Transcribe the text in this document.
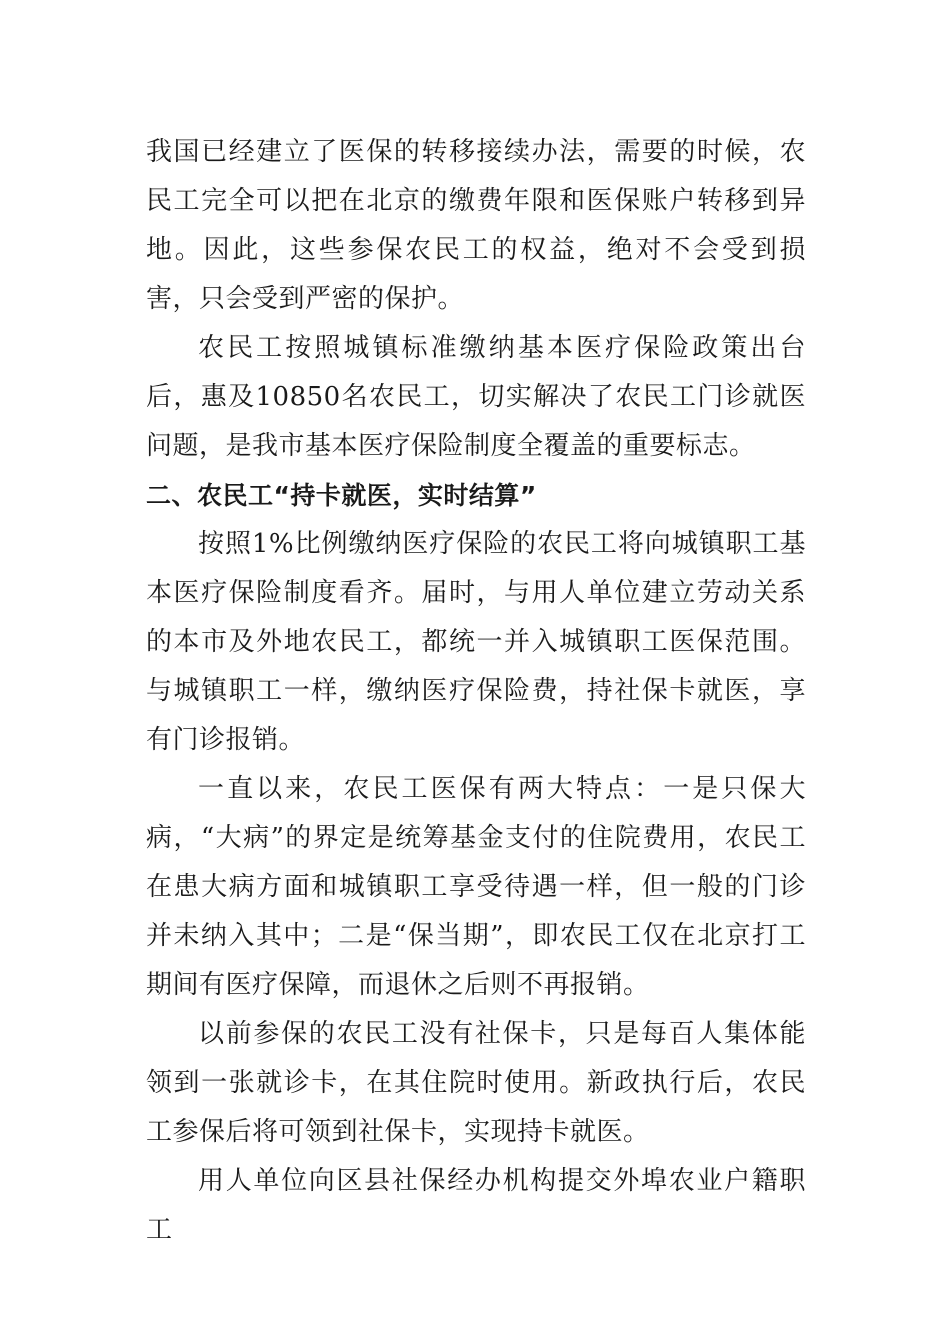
我国已经建立了医保的转移接续办法，需要的时候，农民工完全可以把在北京的缴费年限和医保账户转移到异地。因此，这些参保农民工的权益，绝对不会受到损害，只会受到严密的保护。

农民工按照城镇标准缴纳基本医疗保险政策出台后，惠及10850名农民工，切实解决了农民工门诊就医问题，是我市基本医疗保险制度全覆盖的重要标志。

二、农民工“持卡就医，实时结算”

按照1%比例缴纳医疗保险的农民工将向城镇职工基本医疗保险制度看齐。届时，与用人单位建立劳动关系的本市及外地农民工，都统一并入城镇职工医保范围。与城镇职工一样，缴纳医疗保险费，持社保卡就医，享有门诊报销。

一直以来，农民工医保有两大特点：一是只保大病，“大病”的界定是统筹基金支付的住院费用，农民工在患大病方面和城镇职工享受待遇一样，但一般的门诊并未纳入其中；二是“保当期”，即农民工仅在北京打工期间有医疗保障，而退休之后则不再报销。

以前参保的农民工没有社保卡，只是每百人集体能领到一张就诊卡，在其住院时使用。新政执行后，农民工参保后将可领到社保卡，实现持卡就医。

用人单位向区县社保经办机构提交外埠农业户籍职工
